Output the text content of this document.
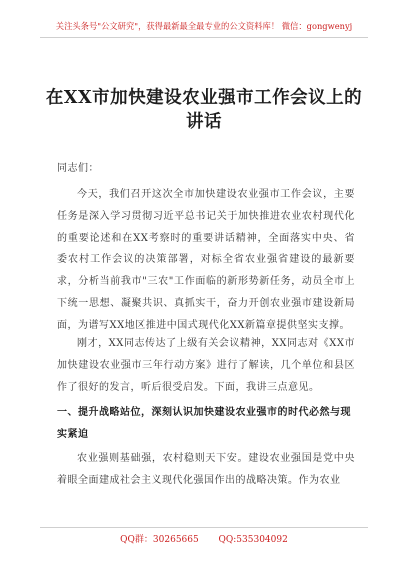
关注头条号"公文研究"，获得最新最全最专业的公文资料库！ 微信：gongwenyj
在XX市加快建设农业强市工作会议上的
讲话
同志们：
今天，我们召开这次全市加快建设农业强市工作会议，主要任务是深入学习贯彻习近平总书记关于加快推进农业农村现代化的重要论述和在XX考察时的重要讲话精神，全面落实中央、省委农村工作会议的决策部署，对标全省农业强省建设的最新要求，分析当前我市"三农"工作面临的新形势新任务，动员全市上下统一思想、凝聚共识、真抓实干，奋力开创农业强市建设新局面，为谱写XX地区推进中国式现代化XX新篇章提供坚实支撑。
刚才，XX同志传达了上级有关会议精神，XX同志对《XX市加快建设农业强市三年行动方案》进行了解读，几个单位和县区作了很好的发言，听后很受启发。下面，我讲三点意见。
一、提升战略站位，深刻认识加快建设农业强市的时代必然与现实紧迫
农业强则基础强，农村稳则天下安。建设农业强国是党中央着眼全面建成社会主义现代化强国作出的战略决策。作为农业
QQ群：30265665 QQ:535304092
